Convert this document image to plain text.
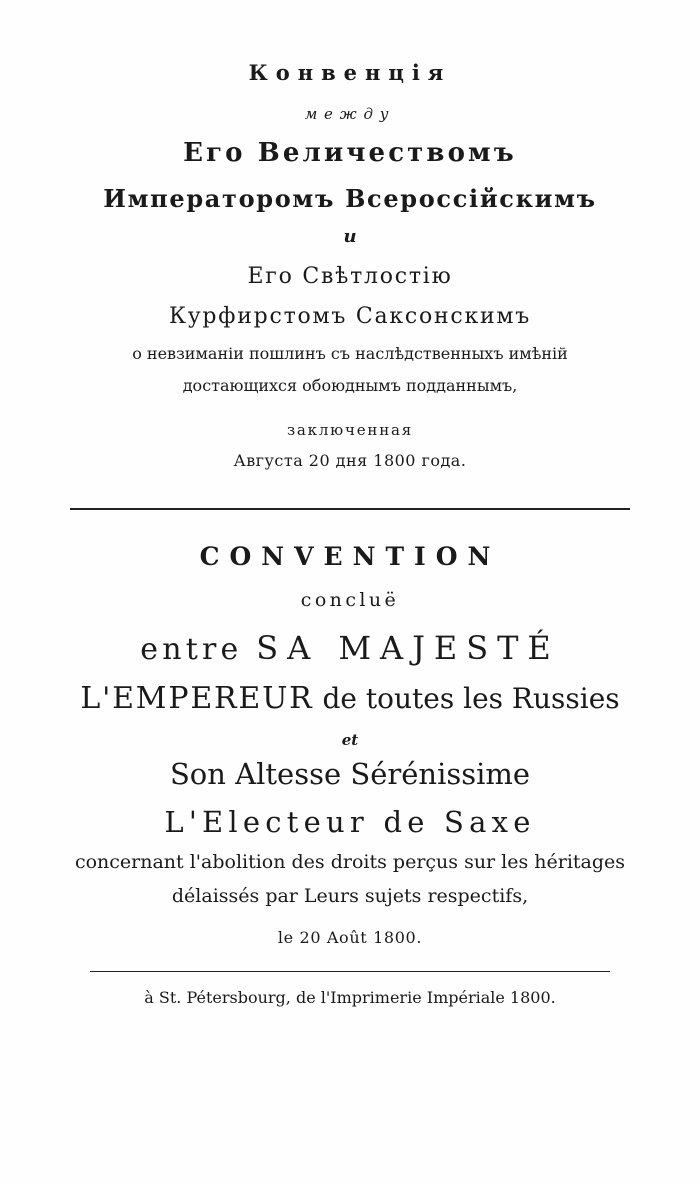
Конвенція
между
Его Величествомъ
Императоромъ Всероссійскимъ
и
Его Свѣтлостію
Курфирстомъ Саксонскимъ
о невзиманіи пошлинъ съ наслѣдственныхъ имѣній
достающихся обоюднымъ подданнымъ,
заключенная
Августа 20 дня 1800 года.
CONVENTION
concluë
entre SA MAJESTÉ
L'EMPEREUR de toutes les Russies
et
Son Altesse Sérénissime
L'Electeur de Saxe
concernant l'abolition des droits perçus sur les héritages
délaissés par Leurs sujets respectifs,
le 20 Août 1800.
à St. Pétersbourg, de l'Imprimerie Impériale 1800.
